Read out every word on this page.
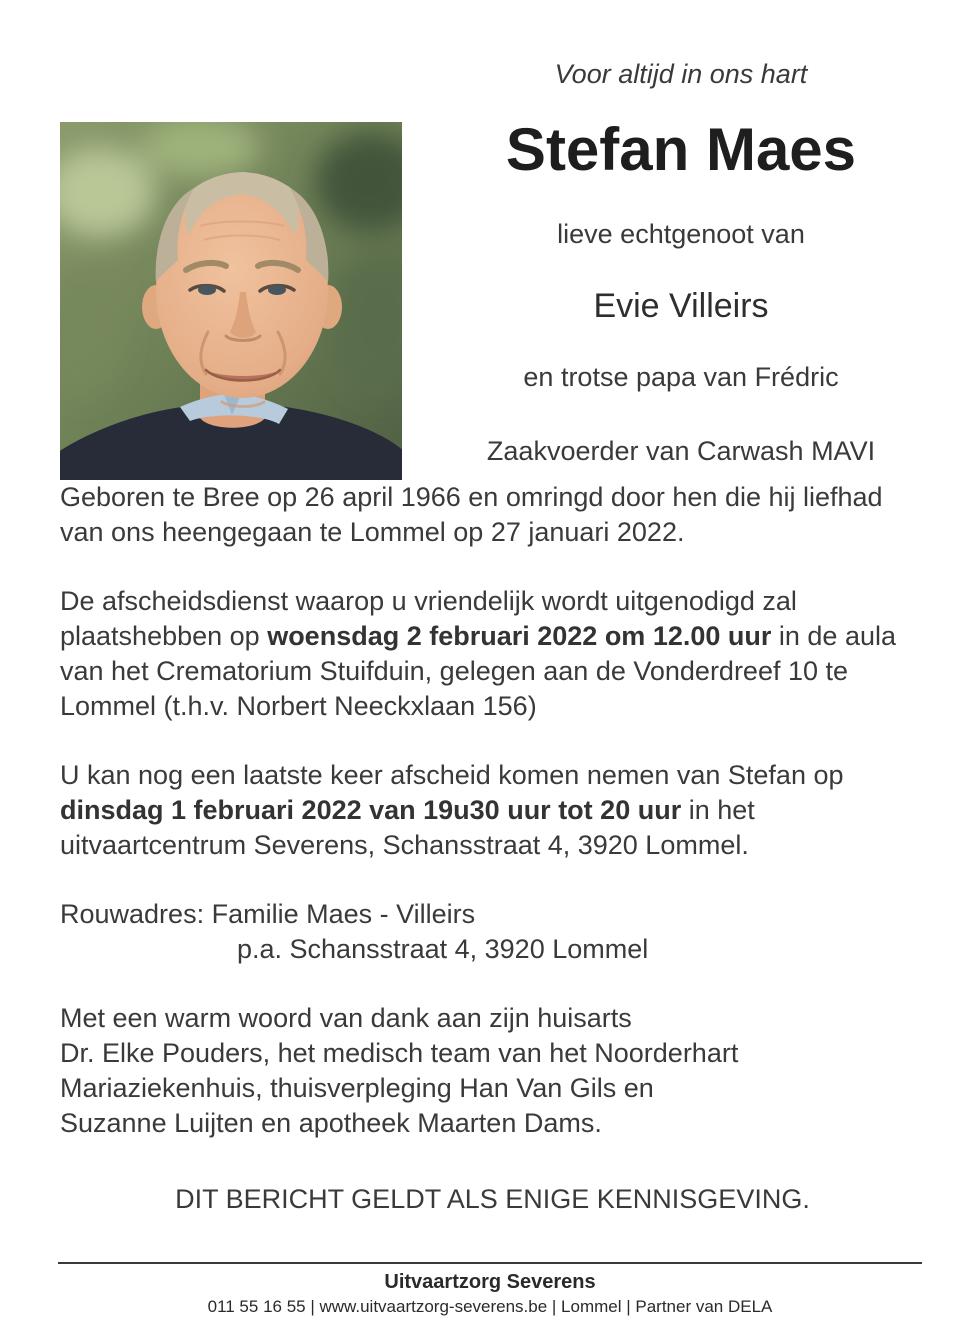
Voor altijd in ons hart
Stefan Maes
lieve echtgenoot van
Evie Villeirs
en trotse papa van Frédric
Zaakvoerder van Carwash MAVI

Geboren te Bree op 26 april 1966 en omringd door hen die hij liefhad van ons heengegaan te Lommel op 27 januari 2022.

De afscheidsdienst waarop u vriendelijk wordt uitgenodigd zal plaatshebben op woensdag 2 februari 2022 om 12.00 uur in de aula van het Crematorium Stuifduin, gelegen aan de Vonderdreef 10 te Lommel (t.h.v. Norbert Neeckxlaan 156)

U kan nog een laatste keer afscheid komen nemen van Stefan op dinsdag 1 februari 2022 van 19u30 uur tot 20 uur in het uitvaartcentrum Severens, Schansstraat 4, 3920 Lommel.

Rouwadres: Familie Maes - Villeirs
p.a. Schansstraat 4, 3920 Lommel

Met een warm woord van dank aan zijn huisarts
Dr. Elke Pouders, het medisch team van het Noorderhart
Mariaziekenhuis, thuisverpleging Han Van Gils en
Suzanne Luijten en apotheek Maarten Dams.

DIT BERICHT GELDT ALS ENIGE KENNISGEVING.

Uitvaartzorg Severens
011 55 16 55 | www.uitvaartzorg-severens.be | Lommel | Partner van DELA
